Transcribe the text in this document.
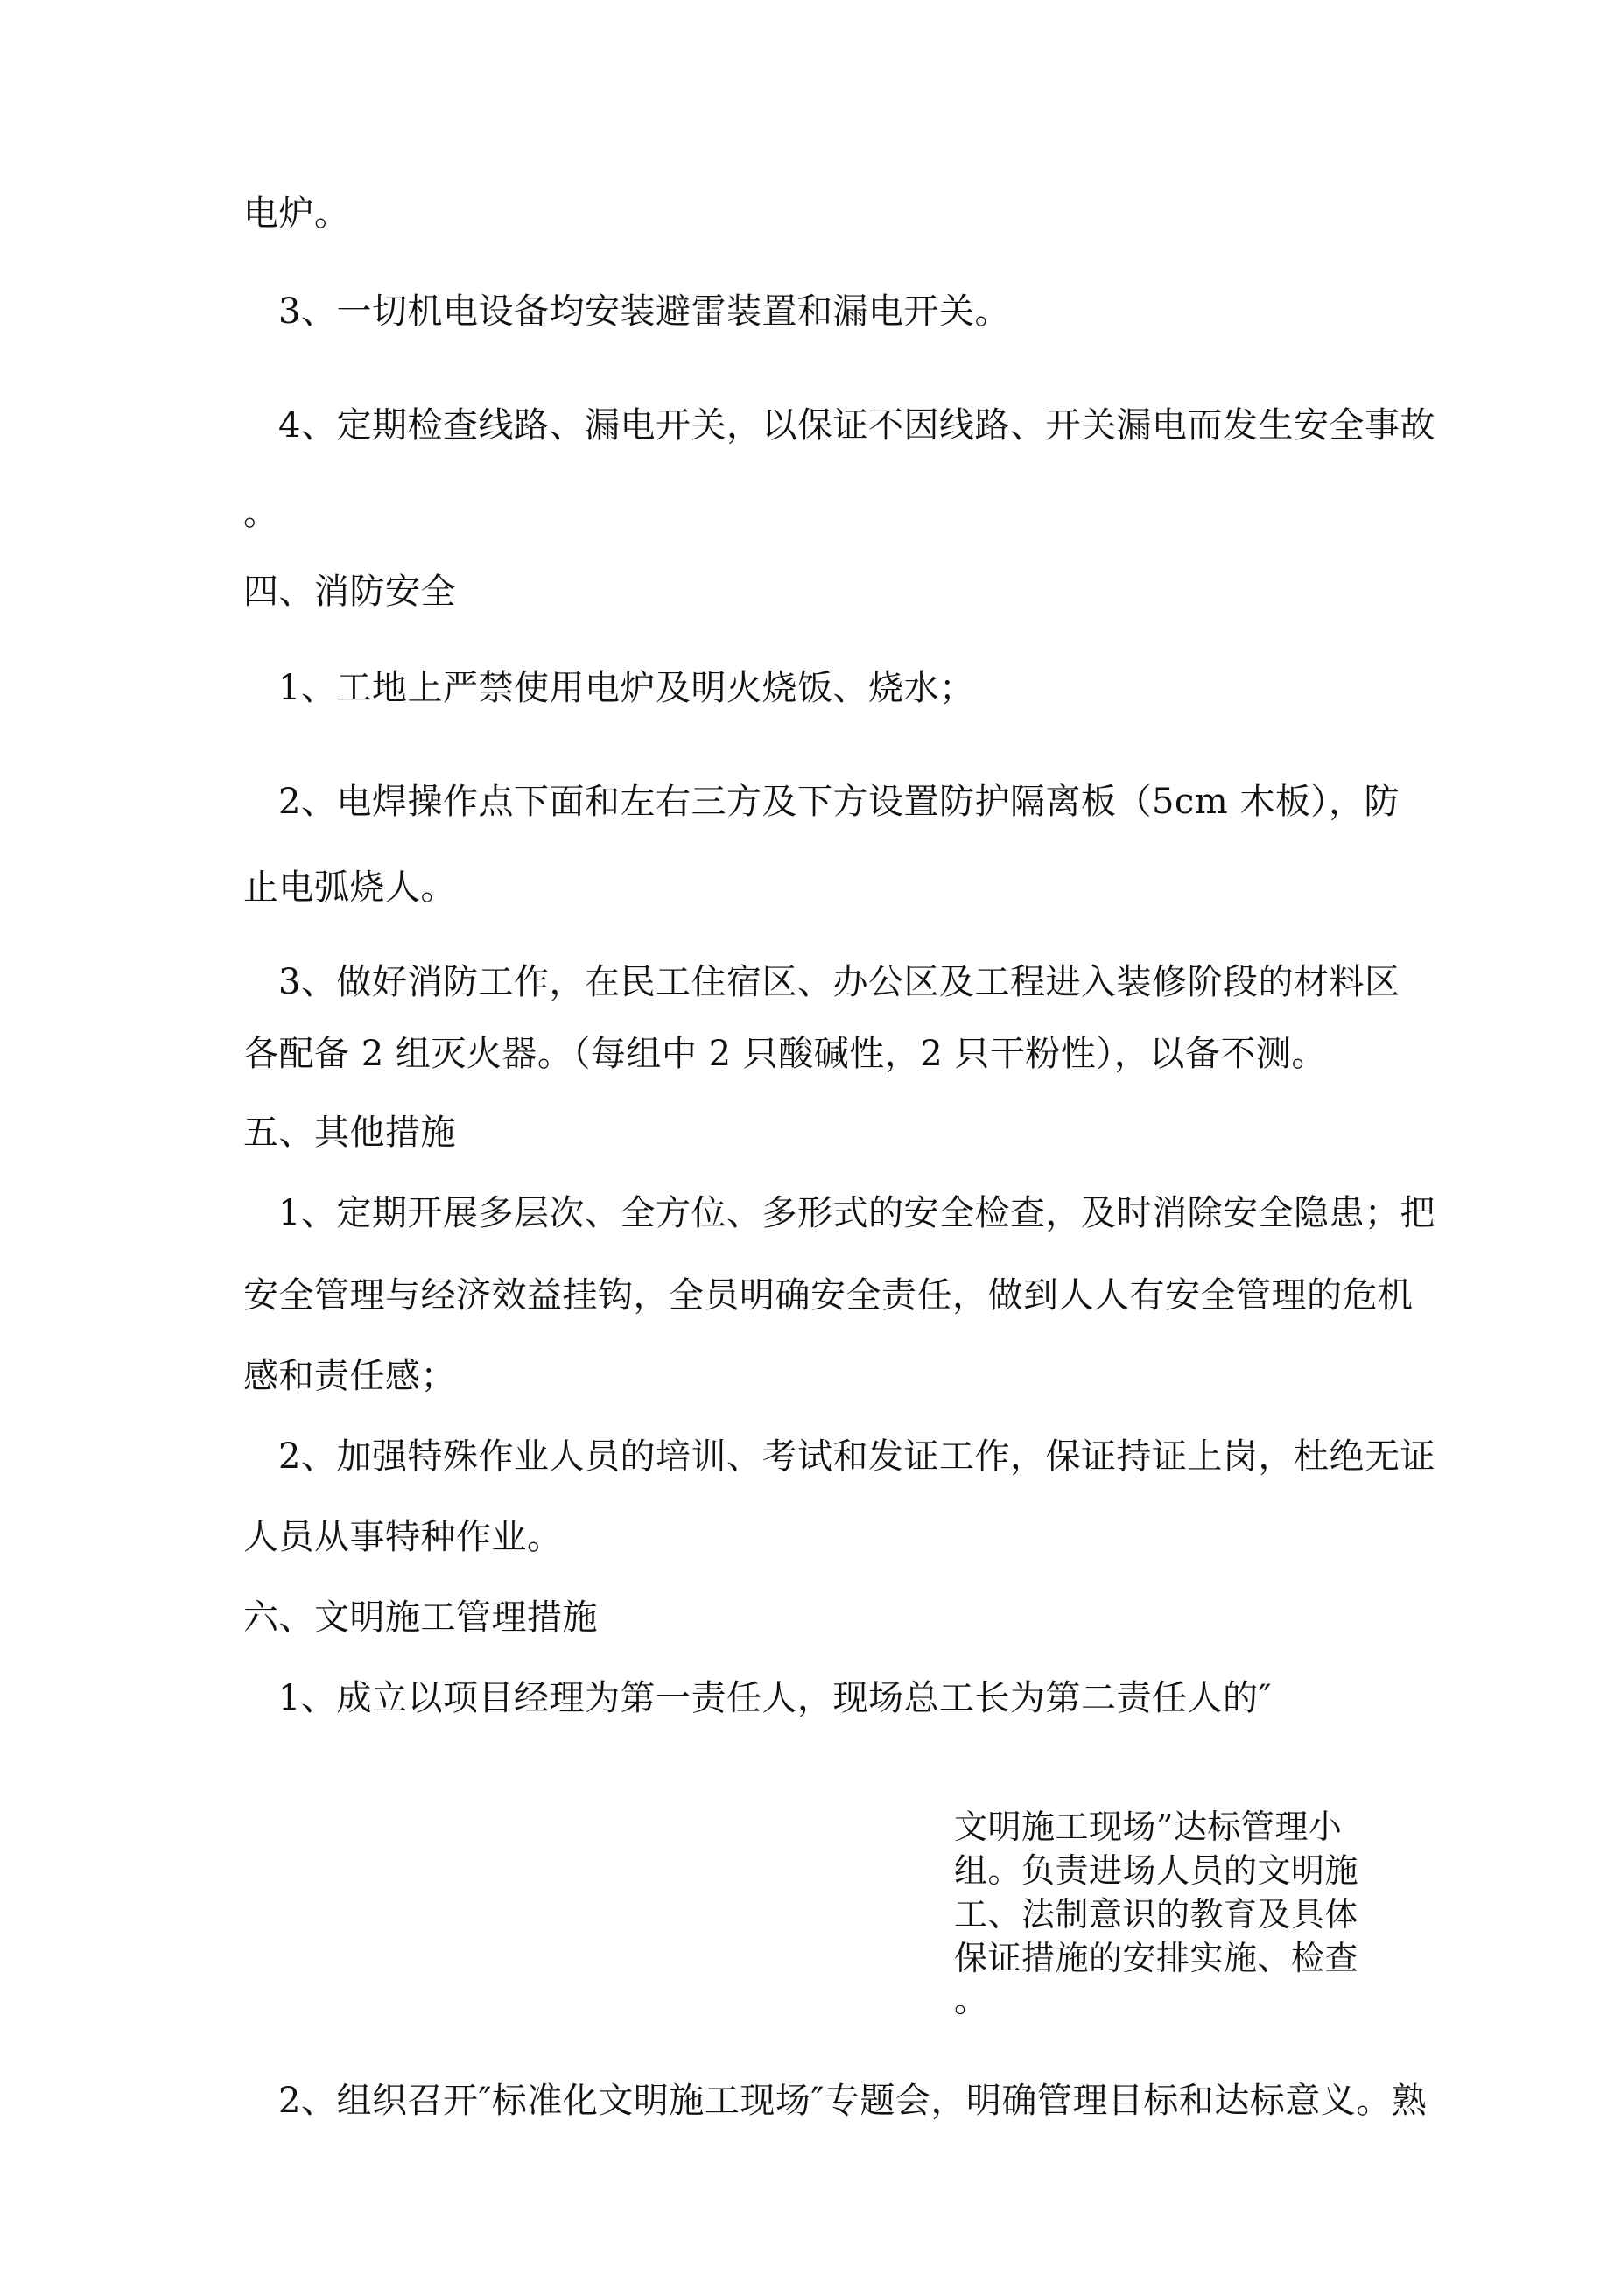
电炉。
3、一切机电设备均安装避雷装置和漏电开关。
4、定期检查线路、漏电开关，以保证不因线路、开关漏电而发生安全事故
。
四、消防安全
1、工地上严禁使用电炉及明火烧饭、烧水；
2、电焊操作点下面和左右三方及下方设置防护隔离板（5cm 木板），防
止电弧烧人。
3、做好消防工作，在民工住宿区、办公区及工程进入装修阶段的材料区
各配备 2 组灭火器。（每组中 2 只酸碱性，2 只干粉性），以备不测。
五、其他措施
1、定期开展多层次、全方位、多形式的安全检查，及时消除安全隐患；把
安全管理与经济效益挂钩，全员明确安全责任，做到人人有安全管理的危机
感和责任感；
2、加强特殊作业人员的培训、考试和发证工作，保证持证上岗，杜绝无证
人员从事特种作业。
六、文明施工管理措施
1、成立以项目经理为第一责任人，现场总工长为第二责任人的″
文明施工现场”达标管理小
组。负责进场人员的文明施
工、法制意识的教育及具体
保证措施的安排实施、检查
。
2、组织召开″标准化文明施工现场″专题会，明确管理目标和达标意义。熟
